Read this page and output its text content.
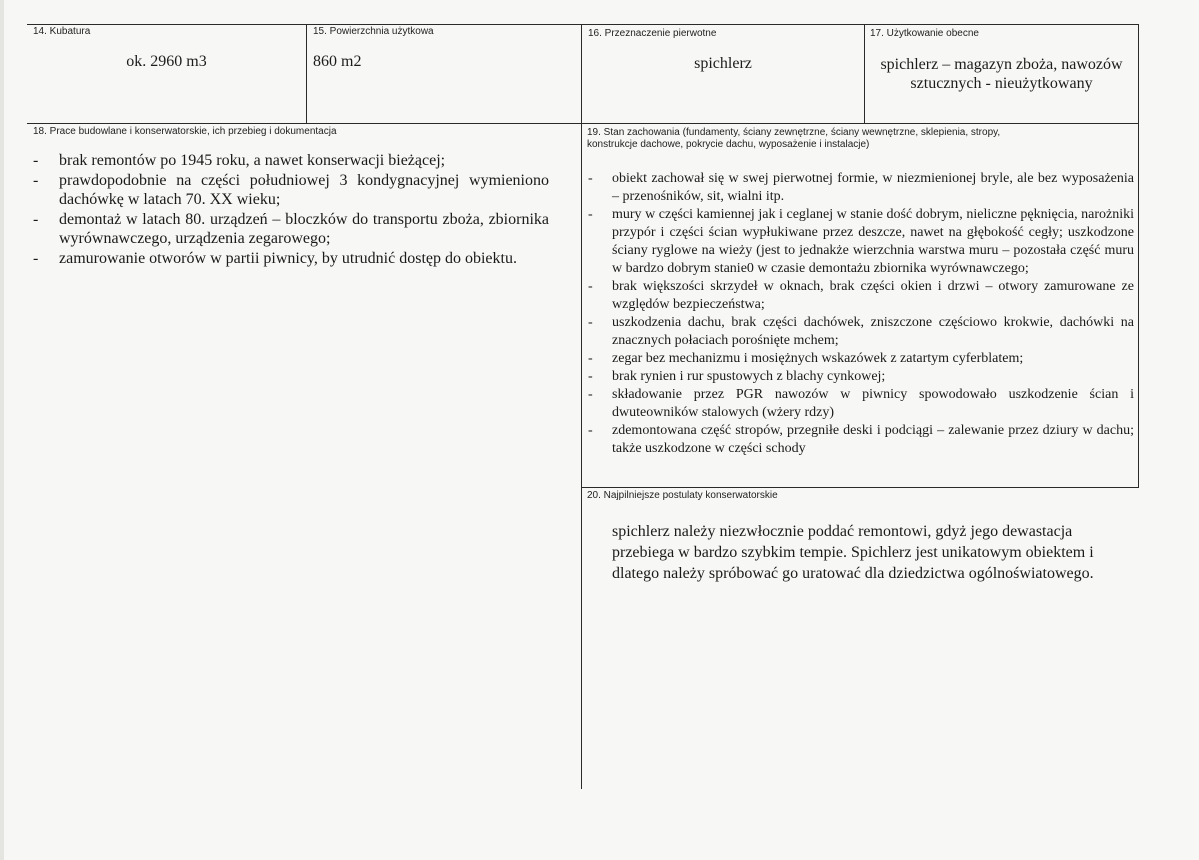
14. Kubatura
ok. 2960 m3
15. Powierzchnia użytkowa
860 m2
16. Przeznaczenie pierwotne
spichlerz
17. Użytkowanie obecne
spichlerz – magazyn zboża, nawozów
sztucznych - nieużytkowany
18. Prace budowlane i konserwatorskie, ich przebieg i dokumentacja
- brak remontów po 1945 roku, a nawet konserwacji bieżącej;
- prawdopodobnie na części południowej 3 kondygnacyjnej wymieniono dachówkę w latach 70. XX wieku;
- demontaż w latach 80. urządzeń – bloczków do transportu zboża, zbiornika wyrównawczego, urządzenia zegarowego;
- zamurowanie otworów w partii piwnicy, by utrudnić dostęp do obiektu.
19. Stan zachowania (fundamenty, ściany zewnętrzne, ściany wewnętrzne, sklepienia, stropy,
konstrukcje dachowe, pokrycie dachu, wyposażenie i instalacje)
- obiekt zachował się w swej pierwotnej formie, w niezmienionej bryle, ale bez wyposażenia – przenośników, sit, wialni itp.
- mury w części kamiennej jak i ceglanej w stanie dość dobrym, nieliczne pęknięcia, narożniki przypór i części ścian wypłukiwane przez deszcze, nawet na głębokość cegły; uszkodzone ściany ryglowe na wieży (jest to jednakże wierzchnia warstwa muru – pozostała część muru w bardzo dobrym stanie0 w czasie demontażu zbiornika wyrównawczego;
- brak większości skrzydeł w oknach, brak części okien i drzwi – otwory zamurowane ze względów bezpieczeństwa;
- uszkodzenia dachu, brak części dachówek, zniszczone częściowo krokwie, dachówki na znacznych połaciach porośnięte mchem;
- zegar bez mechanizmu i mosiężnych wskazówek z zatartym cyferblatem;
- brak rynien i rur spustowych z blachy cynkowej;
- składowanie przez PGR nawozów w piwnicy spowodowało uszkodzenie ścian i dwuteowników stalowych (wżery rdzy)
- zdemontowana część stropów, przegniłe deski i podciągi – zalewanie przez dziury w dachu; także uszkodzone w części schody
20. Najpilniejsze postulaty konserwatorskie
spichlerz należy niezwłocznie poddać remontowi, gdyż jego dewastacja
przebiega w bardzo szybkim tempie. Spichlerz jest unikatowym obiektem i
dlatego należy spróbować go uratować dla dziedzictwa ogólnoświatowego.
